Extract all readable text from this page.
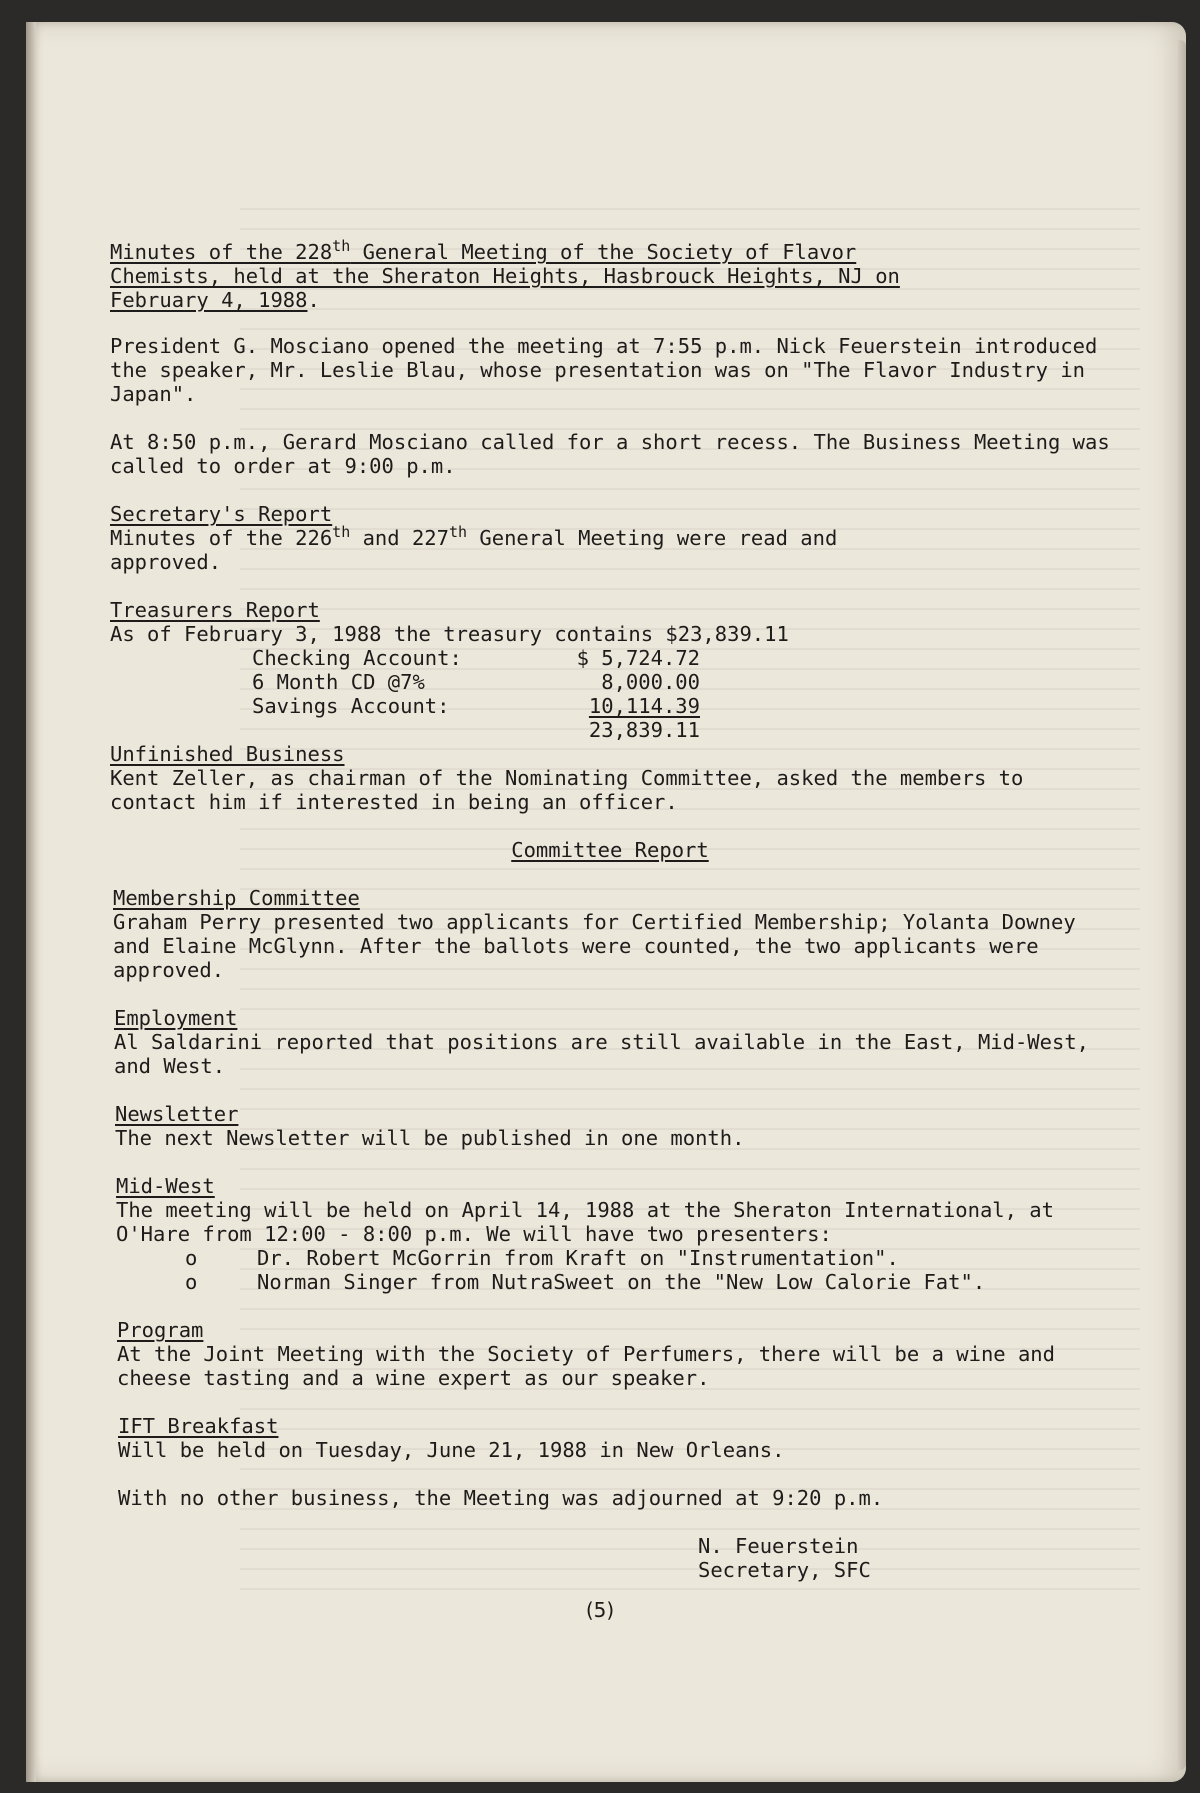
Minutes of the 228th General Meeting of the Society of Flavor

Chemists, held at the Sheraton Heights, Hasbrouck Heights, NJ on

February 4, 1988.

President G. Mosciano opened the meeting at 7:55 p.m. Nick Feuerstein introduced the speaker, Mr. Leslie Blau, whose presentation was on "The Flavor Industry in Japan".

At 8:50 p.m., Gerard Mosciano called for a short recess. The Business Meeting was called to order at 9:00 p.m.

Secretary's Report

Minutes of the 226th and 227th General Meeting were read and

approved.

Treasurers Report

As of February 3, 1988 the treasury contains $23,839.11

Checking Account:	$ 5,724.72
6 Month CD @7%	8,000.00
Savings Account:	10,114.39
23,839.11

Unfinished Business

Kent Zeller, as chairman of the Nominating Committee, asked the members to contact him if interested in being an officer.

Committee Report

Membership Committee

Graham Perry presented two applicants for Certified Membership; Yolanta Downey and Elaine McGlynn. After the ballots were counted, the two applicants were approved.

Employment

Al Saldarini reported that positions are still available in the East, Mid-West, and West.

Newsletter

The next Newsletter will be published in one month.

Mid-West

The meeting will be held on April 14, 1988 at the Sheraton International, at O'Hare from 12:00 - 8:00 p.m. We will have two presenters:

o	Dr. Robert McGorrin from Kraft on "Instrumentation".
o	Norman Singer from NutraSweet on the "New Low Calorie Fat".

Program

At the Joint Meeting with the Society of Perfumers, there will be a wine and cheese tasting and a wine expert as our speaker.

IFT Breakfast

Will be held on Tuesday, June 21, 1988 in New Orleans.

With no other business, the Meeting was adjourned at 9:20 p.m.

N. Feuerstein

Secretary, SFC

(5)
